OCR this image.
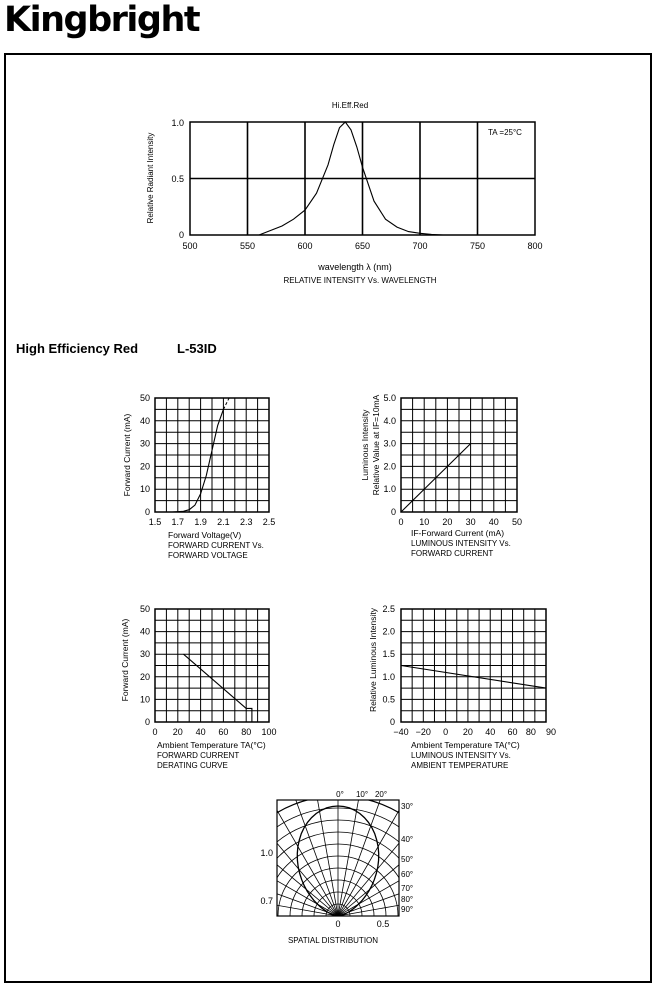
Kingbright
High Efficiency Red	L-53ID
500	550	600	650	700	750	800
0
0.5
1.0
1.5 1.7 1.9 2.1 2.3 2.5
0
10
20
30
40
50
0 10 20 30 40 50
0
1.0
2.0
3.0
4.0
5.0
0 20 40 60 80 100
0
10
20
30
40
50
−40 −20 0 20 40 60 80 90
0
0.5
1.0
1.5
2.0
2.5
Hi.Eff.Red
TA =25°C
Relative Radiant Intensity
wavelength λ (nm)
RELATIVE INTENSITY Vs. WAVELENGTH
Forward Current (mA)
Forward Voltage(V)
FORWARD CURRENT Vs.
FORWARD VOLTAGE
Luminous Intensity Relative Value at IF=10mA
IF-Forward Current (mA)
LUMINOUS INTENSITY Vs.
FORWARD CURRENT
Forward Current (mA)
Ambient Temperature TA(°C)
FORWARD CURRENT
DERATING CURVE
Relative Luminous Intensity
Ambient Temperature TA(°C)
LUMINOUS INTENSITY Vs.
AMBIENT TEMPERATURE
0° 10° 20°
30°
40°
50°
60°
70°
80°
90°
1.0
0.7
0	0.5
SPATIAL DISTRIBUTION
